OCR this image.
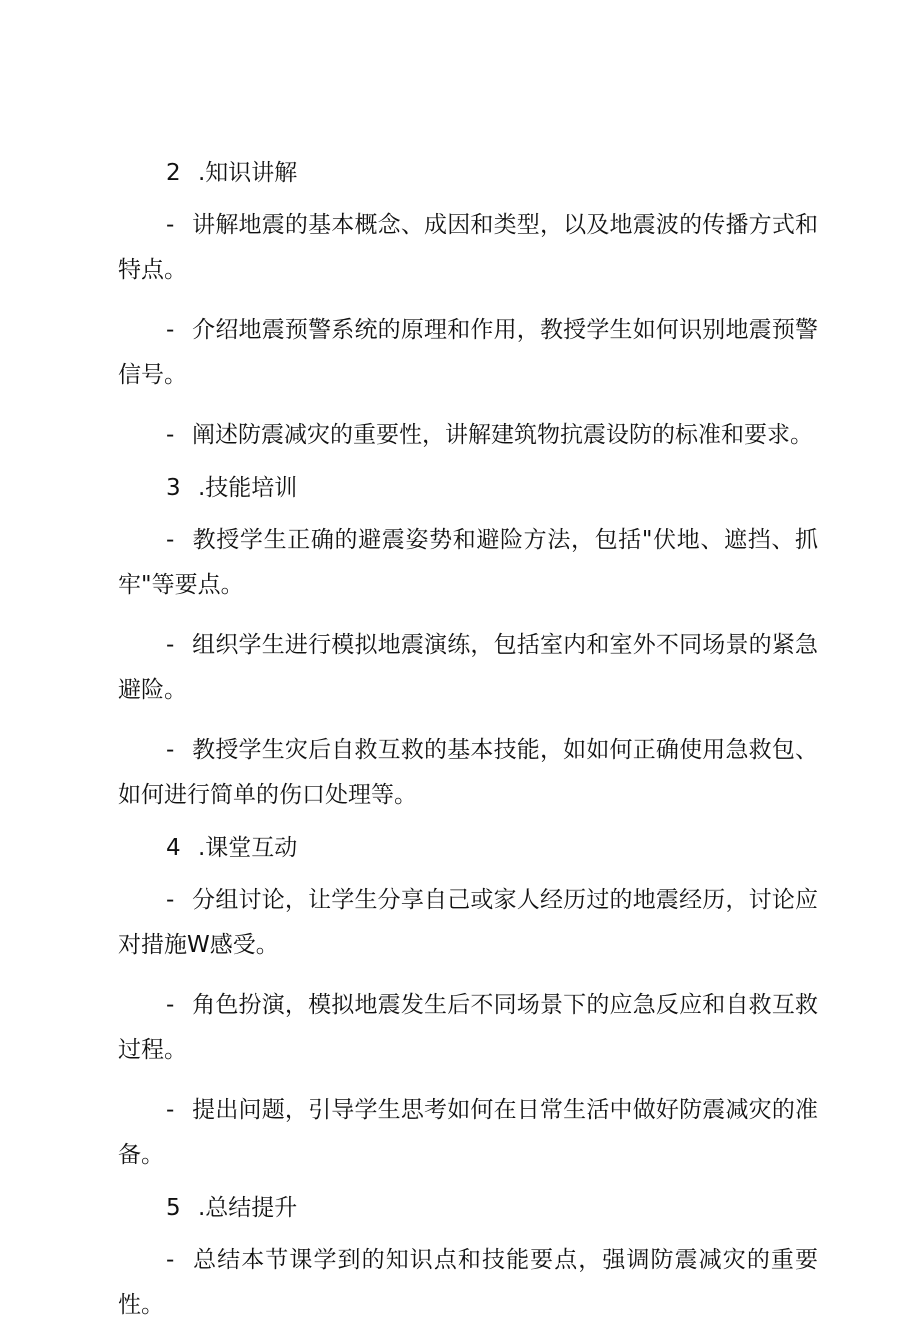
2 .知识讲解
- 讲解地震的基本概念、成因和类型，以及地震波的传播方式和特点。
- 介绍地震预警系统的原理和作用，教授学生如何识别地震预警信号。
- 阐述防震减灾的重要性，讲解建筑物抗震设防的标准和要求。
3 .技能培训
- 教授学生正确的避震姿势和避险方法，包括"伏地、遮挡、抓牢"等要点。
- 组织学生进行模拟地震演练，包括室内和室外不同场景的紧急避险。
- 教授学生灾后自救互救的基本技能，如如何正确使用急救包、如何进行简单的伤口处理等。
4 .课堂互动
- 分组讨论，让学生分享自己或家人经历过的地震经历，讨论应对措施W感受。
- 角色扮演，模拟地震发生后不同场景下的应急反应和自救互救过程。
- 提出问题，引导学生思考如何在日常生活中做好防震减灾的准备。
5 .总结提升
- 总结本节课学到的知识点和技能要点，强调防震减灾的重要性。
